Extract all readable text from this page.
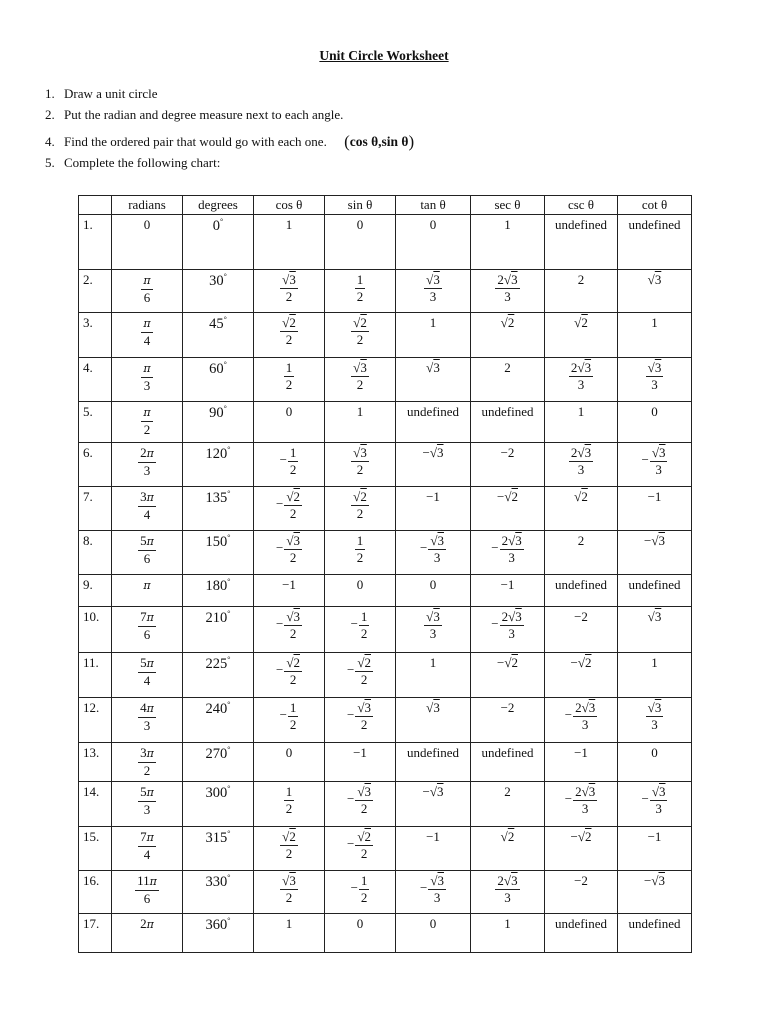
Unit Circle Worksheet
1. Draw a unit circle
2. Put the radian and degree measure next to each angle.
4. Find the ordered pair that would go with each one. (cos θ,sin θ)
5. Complete the following chart:
	radians	degrees	cos θ	sin θ	tan θ	sec θ	csc θ	cot θ
1.	0	0°	1	0	0	1	undefined	undefined

2.	$\frac{\pi}{6}$	30°	$\frac{√3}{2}$	$\frac{1}{2}$	$\frac{√3}{3}$	$\frac{2√3}{3}$	2	√3

3.	$\frac{\pi}{4}$	45°	$\frac{√2}{2}$	$\frac{√2}{2}$	1	√2	√2	1

4.	$\frac{\pi}{3}$	60°	$\frac{1}{2}$	$\frac{√3}{2}$	√3	2	$\frac{2√3}{3}$	$\frac{√3}{3}$

5.	$\frac{\pi}{2}$	90°	0	1	undefined	undefined	1	0

6.	$\frac{2\pi}{3}$	120°	− $\frac{1}{2}$	$\frac{√3}{2}$	−√3	−2	$\frac{2√3}{3}$	− $\frac{√3}{3}$

7.	$\frac{3\pi}{4}$	135°	− $\frac{√2}{2}$	$\frac{√2}{2}$	−1	−√2	√2	−1

8.	$\frac{5\pi}{6}$	150°	− $\frac{√3}{2}$	$\frac{1}{2}$	− $\frac{√3}{3}$	− $\frac{2√3}{3}$	2	−√3

9.	π	180°	−1	0	0	−1	undefined	undefined

10.	$\frac{7\pi}{6}$	210°	− $\frac{√3}{2}$	− $\frac{1}{2}$	$\frac{√3}{3}$	− $\frac{2√3}{3}$	−2	√3

11.	$\frac{5\pi}{4}$	225°	− $\frac{√2}{2}$	− $\frac{√2}{2}$	1	−√2	−√2	1

12.	$\frac{4\pi}{3}$	240°	− $\frac{1}{2}$	− $\frac{√3}{2}$	√3	−2	− $\frac{2√3}{3}$	$\frac{√3}{3}$

13.	$\frac{3\pi}{2}$	270°	0	−1	undefined	undefined	−1	0

14.	$\frac{5\pi}{3}$	300°	$\frac{1}{2}$	− $\frac{√3}{2}$	−√3	2	− $\frac{2√3}{3}$	− $\frac{√3}{3}$

15.	$\frac{7\pi}{4}$	315°	$\frac{√2}{2}$	− $\frac{√2}{2}$	−1	√2	−√2	−1

16.	$\frac{11\pi}{6}$	330°	$\frac{√3}{2}$	− $\frac{1}{2}$	− $\frac{√3}{3}$	$\frac{2√3}{3}$	−2	−√3

17.	2π	360°	1	0	0	1	undefined	undefined
